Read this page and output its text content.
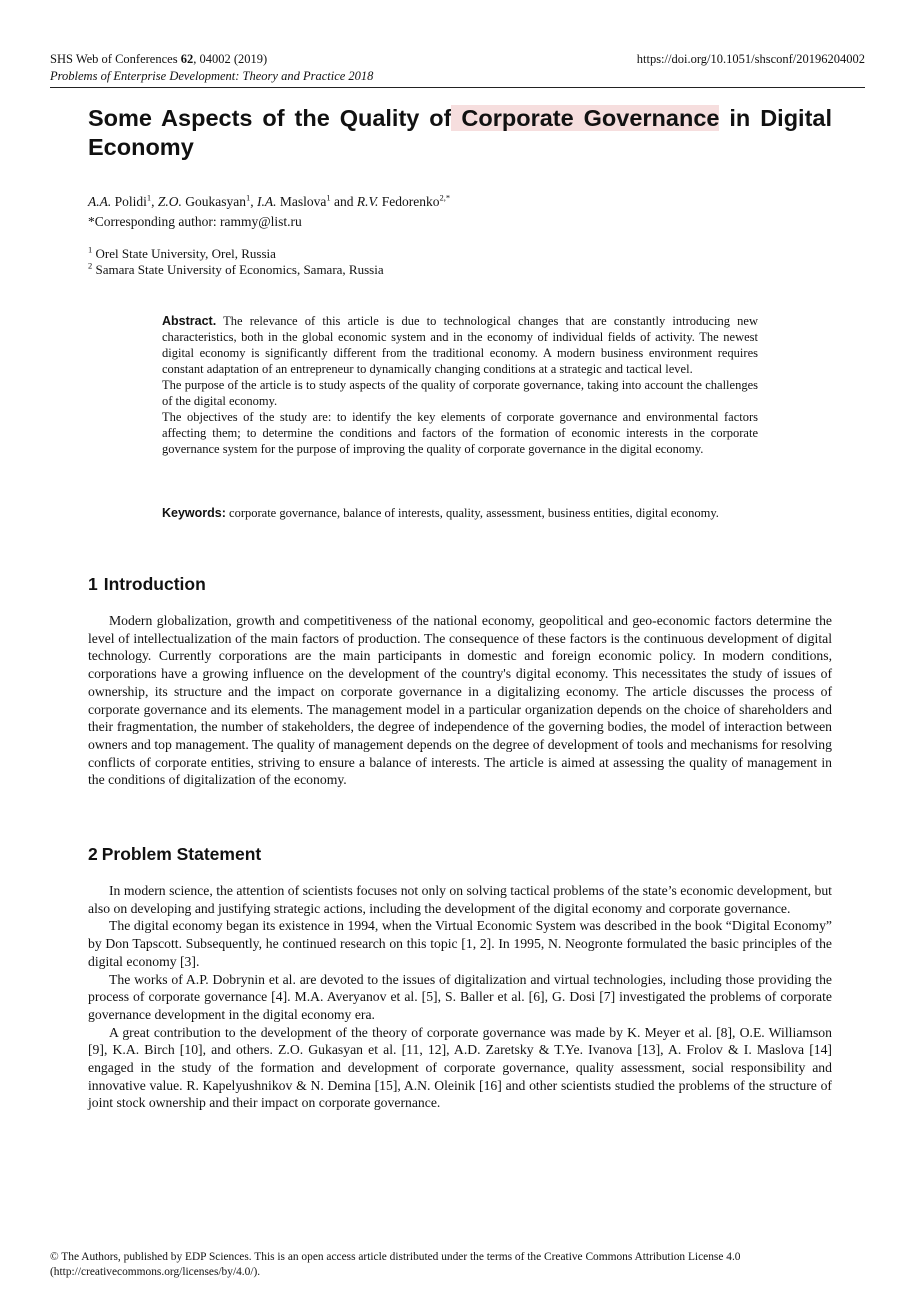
SHS Web of Conferences 62, 04002 (2019)
Problems of Enterprise Development: Theory and Practice 2018
https://doi.org/10.1051/shsconf/20196204002
Some Aspects of the Quality of Corporate Governance in Digital Economy
A.A. Polidi$^1$, Z.O. Goukasyan$^1$, I.A. Maslova$^1$ and R.V. Fedorenko$^{2,*}$
*Corresponding author: rammy@list.ru
$^1$ Orel State University, Orel, Russia
$^2$ Samara State University of Economics, Samara, Russia

Abstract. The relevance of this article is due to technological changes that are constantly introducing new characteristics, both in the global economic system and in the economy of individual fields of activity. The newest digital economy is significantly different from the traditional economy. A modern business environment requires constant adaptation of an entrepreneur to dynamically changing conditions at a strategic and tactical level.

The purpose of the article is to study aspects of the quality of corporate governance, taking into account the challenges of the digital economy.

The objectives of the study are: to identify the key elements of corporate governance and environmental factors affecting them; to determine the conditions and factors of the formation of economic interests in the corporate governance system for the purpose of improving the quality of corporate governance in the digital economy.

Keywords: corporate governance, balance of interests, quality, assessment, business entities, digital economy.
1 Introduction

Modern globalization, growth and competitiveness of the national economy, geopolitical and geo-economic factors determine the level of intellectualization of the main factors of production. The consequence of these factors is the continuous development of digital technology. Currently corporations are the main participants in domestic and foreign economic policy. In modern conditions, corporations have a growing influence on the development of the country's digital economy. This necessitates the study of issues of ownership, its structure and the impact on corporate governance in a digitalizing economy. The article discusses the process of corporate governance and its elements. The management model in a particular organization depends on the choice of shareholders and their fragmentation, the number of stakeholders, the degree of independence of the governing bodies, the model of interaction between owners and top management. The quality of management depends on the degree of development of tools and mechanisms for resolving conflicts of corporate entities, striving to ensure a balance of interests. The article is aimed at assessing the quality of management in the conditions of digitalization of the economy.

2 Problem Statement

In modern science, the attention of scientists focuses not only on solving tactical problems of the state’s economic development, but also on developing and justifying strategic actions, including the development of the digital economy and corporate governance.

The digital economy began its existence in 1994, when the Virtual Economic System was described in the book “Digital Economy” by Don Tapscott. Subsequently, he continued research on this topic [1, 2]. In 1995, N. Neogronte formulated the basic principles of the digital economy [3].

The works of A.P. Dobrynin et al. are devoted to the issues of digitalization and virtual technologies, including those providing the process of corporate governance [4]. M.A. Averyanov et al. [5], S. Baller et al. [6], G. Dosi [7] investigated the problems of corporate governance development in the digital economy era.

A great contribution to the development of the theory of corporate governance was made by K. Meyer et al. [8], O.E. Williamson [9], K.A. Birch [10], and others. Z.O. Gukasyan et al. [11, 12], A.D. Zaretsky & T.Ye. Ivanova [13], A. Frolov & I. Maslova [14] engaged in the study of the formation and development of corporate governance, quality assessment, social responsibility and innovative value. R. Kapelyushnikov & N. Demina [15], A.N. Oleinik [16] and other scientists studied the problems of the structure of joint stock ownership and their impact on corporate governance.

© The Authors, published by EDP Sciences. This is an open access article distributed under the terms of the Creative Commons Attribution License 4.0

(http://creativecommons.org/licenses/by/4.0/).
